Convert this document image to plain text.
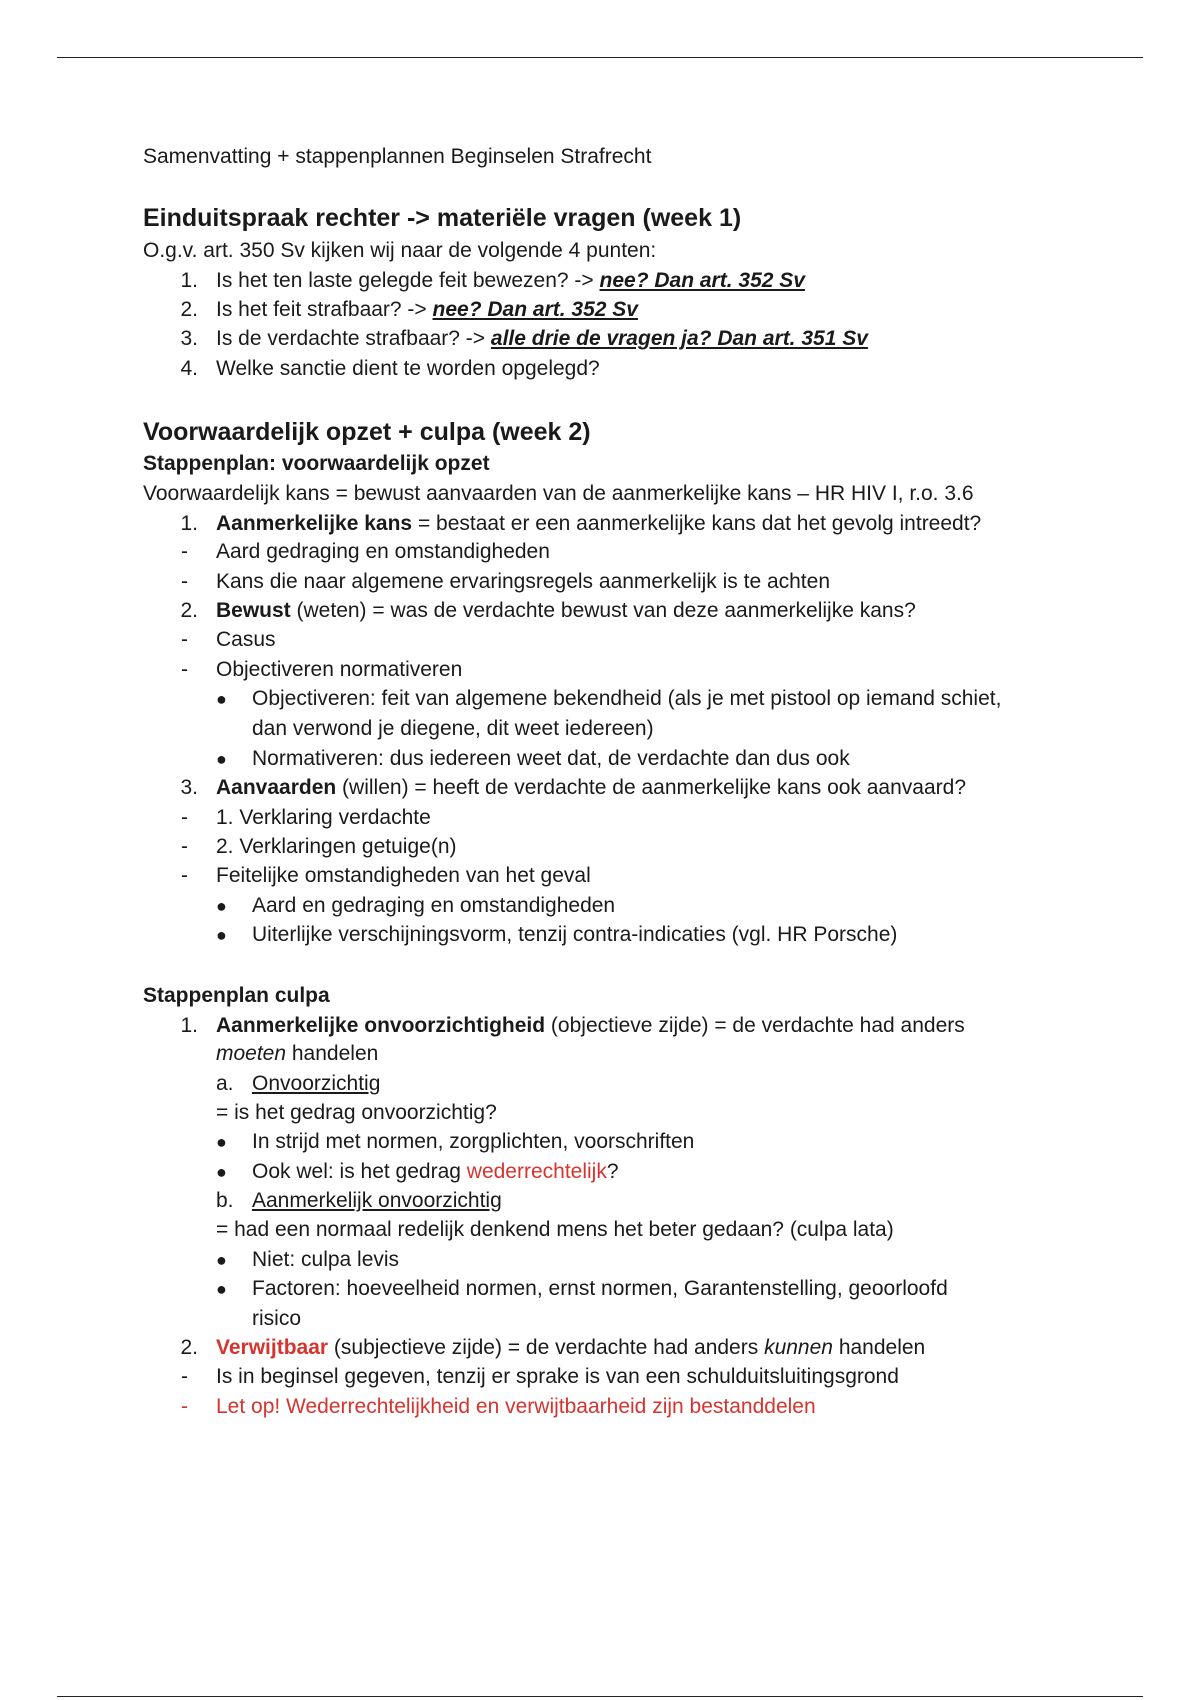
Samenvatting + stappenplannen Beginselen Strafrecht
Einduitspraak rechter -> materiële vragen (week 1)
O.g.v. art. 350 Sv kijken wij naar de volgende 4 punten:
1. Is het ten laste gelegde feit bewezen? -> nee? Dan art. 352 Sv
2. Is het feit strafbaar? -> nee? Dan art. 352 Sv
3. Is de verdachte strafbaar? -> alle drie de vragen ja? Dan art. 351 Sv
4. Welke sanctie dient te worden opgelegd?
Voorwaardelijk opzet + culpa (week 2)
Stappenplan: voorwaardelijk opzet
Voorwaardelijk kans = bewust aanvaarden van de aanmerkelijke kans – HR HIV I, r.o. 3.6
1. Aanmerkelijke kans = bestaat er een aanmerkelijke kans dat het gevolg intreedt?
- Aard gedraging en omstandigheden
- Kans die naar algemene ervaringsregels aanmerkelijk is te achten
2. Bewust (weten) = was de verdachte bewust van deze aanmerkelijke kans?
- Casus
- Objectiveren normativeren
● Objectiveren: feit van algemene bekendheid (als je met pistool op iemand schiet,
dan verwond je diegene, dit weet iedereen)
● Normativeren: dus iedereen weet dat, de verdachte dan dus ook
3. Aanvaarden (willen) = heeft de verdachte de aanmerkelijke kans ook aanvaard?
- 1. Verklaring verdachte
- 2. Verklaringen getuige(n)
- Feitelijke omstandigheden van het geval
● Aard en gedraging en omstandigheden
● Uiterlijke verschijningsvorm, tenzij contra-indicaties (vgl. HR Porsche)
Stappenplan culpa
1. Aanmerkelijke onvoorzichtigheid (objectieve zijde) = de verdachte had anders
moeten handelen
a. Onvoorzichtig
= is het gedrag onvoorzichtig?
● In strijd met normen, zorgplichten, voorschriften
● Ook wel: is het gedrag wederrechtelijk?
b. Aanmerkelijk onvoorzichtig
= had een normaal redelijk denkend mens het beter gedaan? (culpa lata)
● Niet: culpa levis
● Factoren: hoeveelheid normen, ernst normen, Garantenstelling, geoorloofd
risico
2. Verwijtbaar (subjectieve zijde) = de verdachte had anders kunnen handelen
- Is in beginsel gegeven, tenzij er sprake is van een schulduitsluitingsgrond
- Let op! Wederrechtelijkheid en verwijtbaarheid zijn bestanddelen
